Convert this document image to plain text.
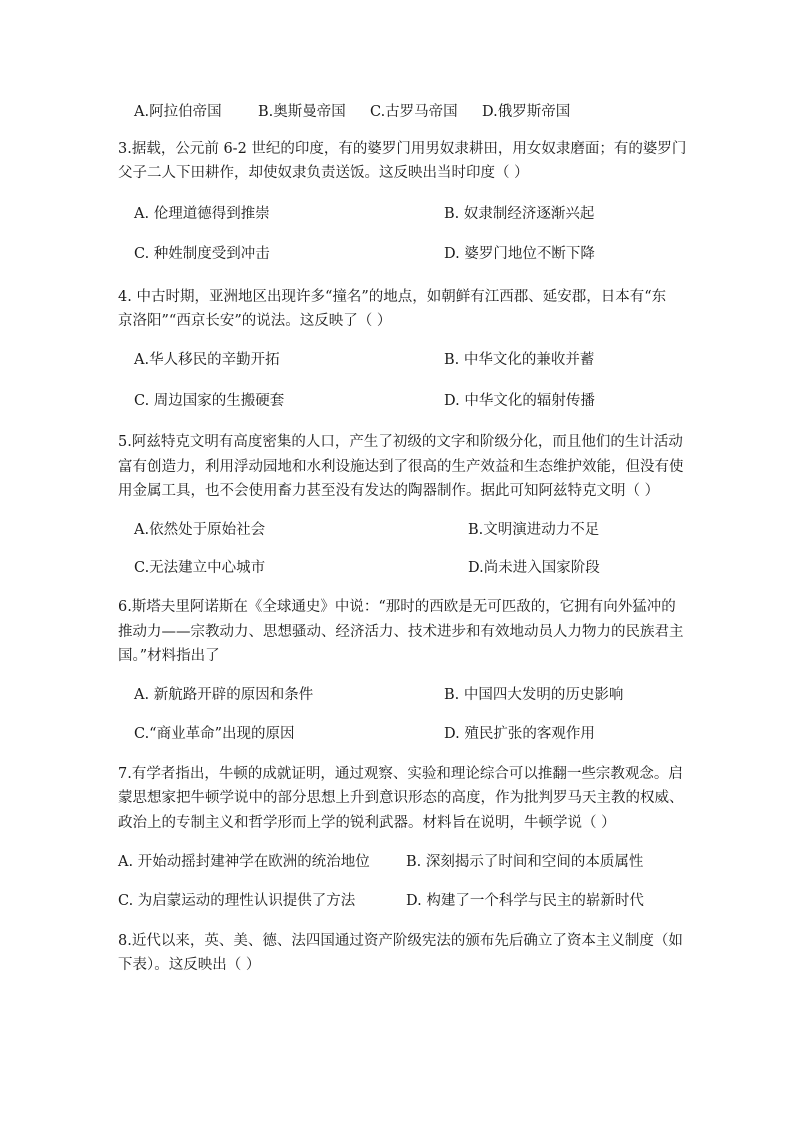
A.阿拉伯帝国	B.奥斯曼帝国 C.古罗马帝国 D.俄罗斯帝国
3.据载，公元前 6-2 世纪的印度，有的婆罗门用男奴隶耕田，用女奴隶磨面；有的婆罗门
父子二人下田耕作，却使奴隶负责送饭。这反映出当时印度（ ）
A. 伦理道德得到推崇	B. 奴隶制经济逐渐兴起
C. 种姓制度受到冲击	D. 婆罗门地位不断下降
4. 中古时期，亚洲地区出现许多“撞名”的地点，如朝鲜有江西郡、延安郡，日本有“东
京洛阳”“西京长安”的说法。这反映了（ ）
A.华人移民的辛勤开拓	B. 中华文化的兼收并蓄
C. 周边国家的生搬硬套	D. 中华文化的辐射传播
5.阿兹特克文明有高度密集的人口，产生了初级的文字和阶级分化，而且他们的生计活动
富有创造力，利用浮动园地和水利设施达到了很高的生产效益和生态维护效能，但没有使
用金属工具，也不会使用畜力甚至没有发达的陶器制作。据此可知阿兹特克文明（ ）
A.依然处于原始社会	B.文明演进动力不足
C.无法建立中心城市	D.尚未进入国家阶段
6.斯塔夫里阿诺斯在《全球通史》中说：“那时的西欧是无可匹敌的，它拥有向外猛冲的
推动力——宗教动力、思想骚动、经济活力、技术进步和有效地动员人力物力的民族君主
国。”材料指出了
A. 新航路开辟的原因和条件	B. 中国四大发明的历史影响
C.“商业革命”出现的原因	D. 殖民扩张的客观作用
7.有学者指出，牛顿的成就证明，通过观察、实验和理论综合可以推翻一些宗教观念。启
蒙思想家把牛顿学说中的部分思想上升到意识形态的高度，作为批判罗马天主教的权威、
政治上的专制主义和哲学形而上学的锐利武器。材料旨在说明，牛顿学说（ ）
A. 开始动摇封建神学在欧洲的统治地位	B. 深刻揭示了时间和空间的本质属性
C. 为启蒙运动的理性认识提供了方法	D. 构建了一个科学与民主的崭新时代
8.近代以来，英、美、德、法四国通过资产阶级宪法的颁布先后确立了资本主义制度（如
下表）。这反映出（ ）
